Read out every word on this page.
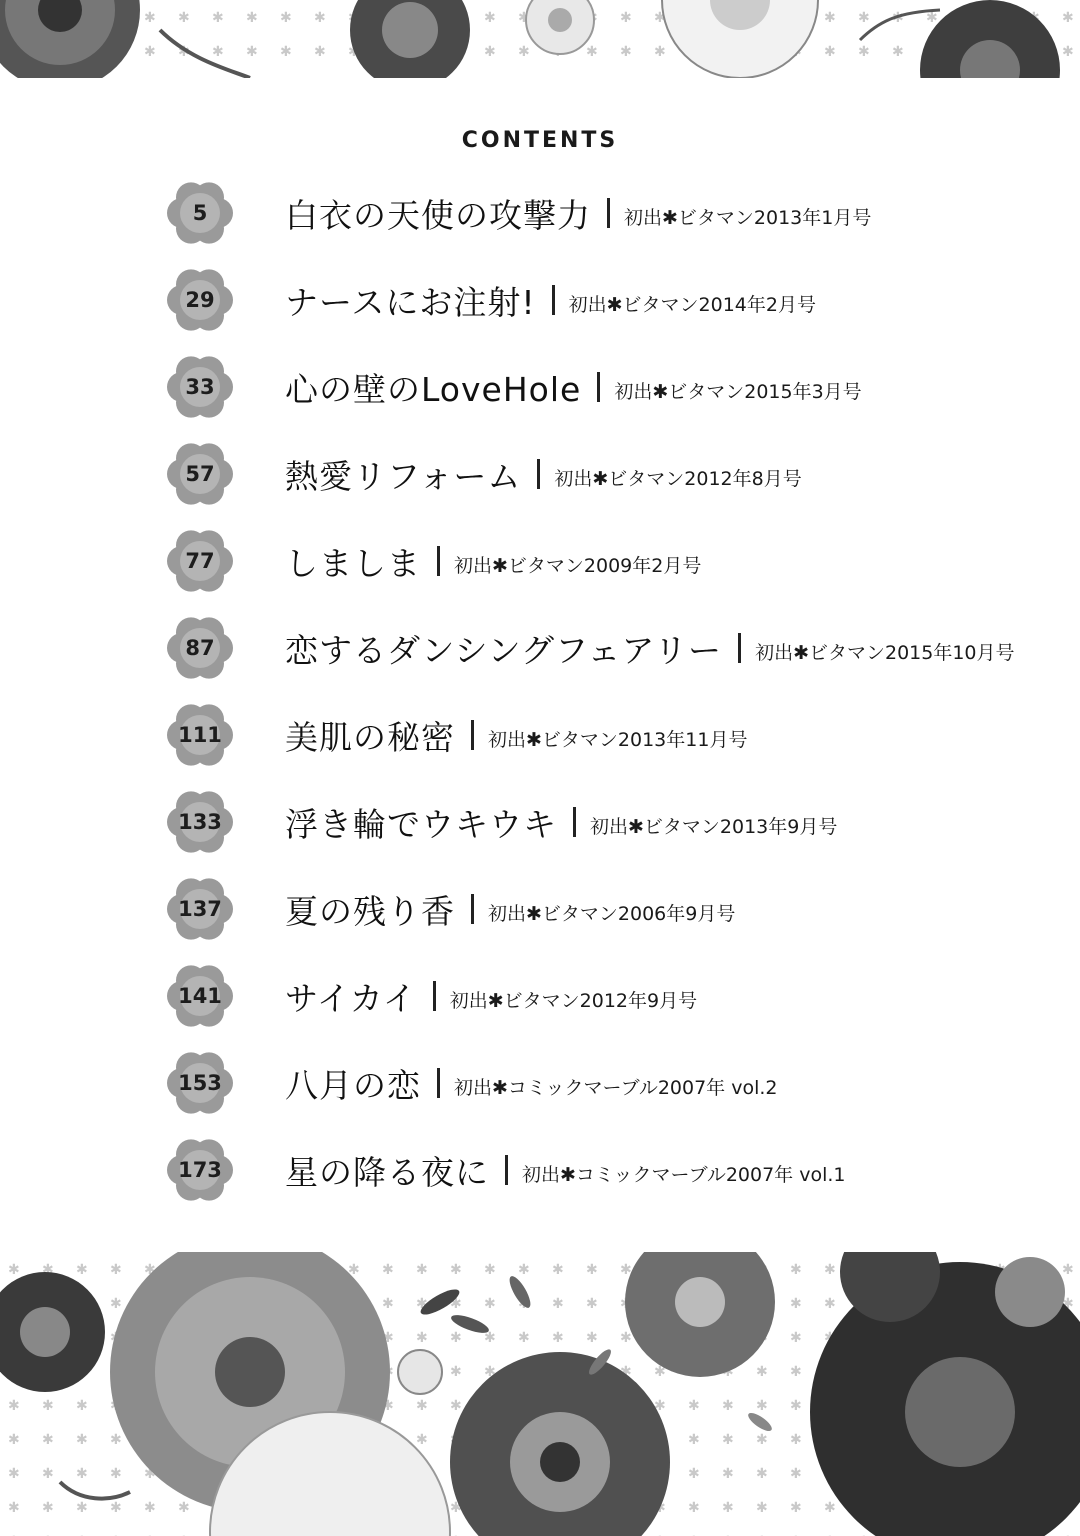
CONTENTS
5	白衣の天使の攻撃力 初出✱ビタマン2013年1月号
29	ナースにお注射! 初出✱ビタマン2014年2月号
33	心の壁のLoveHole 初出✱ビタマン2015年3月号
57	熱愛リフォーム 初出✱ビタマン2012年8月号
77	しましま 初出✱ビタマン2009年2月号
87	恋するダンシングフェアリー 初出✱ビタマン2015年10月号
111	美肌の秘密 初出✱ビタマン2013年11月号
133	浮き輪でウキウキ 初出✱ビタマン2013年9月号
137	夏の残り香 初出✱ビタマン2006年9月号
141	サイカイ 初出✱ビタマン2012年9月号
153	八月の恋 初出✱コミックマーブル2007年 vol.2
173	星の降る夜に 初出✱コミックマーブル2007年 vol.1
